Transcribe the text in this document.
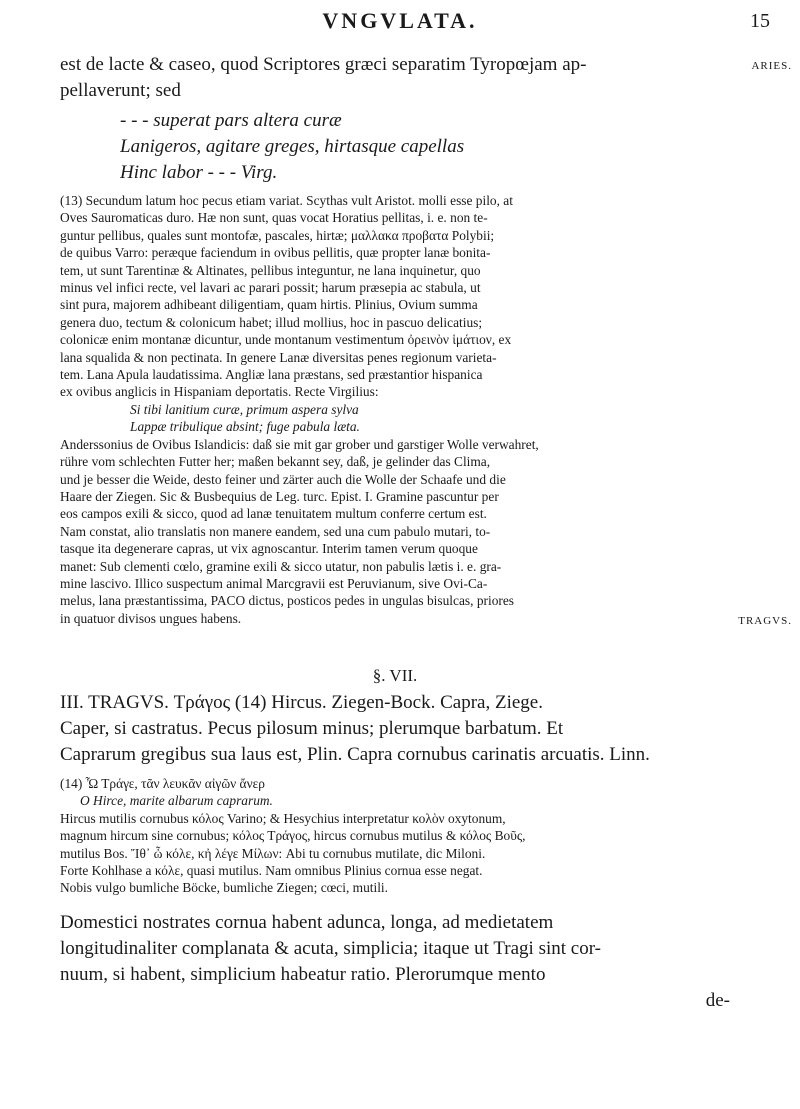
VNGVLATA.	15
ARIES.
TRAGVS.
est de lacte & caseo, quod Scriptores græci separatim Tyropœjam ap-
pellaverunt; sed
- - - superat pars altera curæ
Lanigeros, agitare greges, hirtasque capellas
Hinc labor - - - Virg.
(13) Secundum latum hoc pecus etiam variat. Scythas vult Aristot. molli esse pilo, at
Oves Sauromaticas duro. Hæ non sunt, quas vocat Horatius pellitas, i. e. non te-
guntur pellibus, quales sunt montofæ, pascales, hirtæ; μαλλακα προβατα Polybii;
de quibus Varro: peræque faciendum in ovibus pellitis, quæ propter lanæ bonita-
tem, ut sunt Tarentinæ & Altinates, pellibus integuntur, ne lana inquinetur, quo
minus vel infici recte, vel lavari ac parari possit; harum præsepia ac stabula, ut
sint pura, majorem adhibeant diligentiam, quam hirtis. Plinius, Ovium summa
genera duo, tectum & colonicum habet; illud mollius, hoc in pascuo delicatius;
colonicæ enim montanæ dicuntur, unde montanum vestimentum ὀρεινὸν ἱμάτιον, ex
lana squalida & non pectinata. In genere Lanæ diversitas penes regionum varieta-
tem. Lana Apula laudatissima. Angliæ lana præstans, sed præstantior hispanica
ex ovibus anglicis in Hispaniam deportatis. Recte Virgilius:
Si tibi lanitium curæ, primum aspera sylva
Lappæ tribulique absint; fuge pabula læta.
Anderssonius de Ovibus Islandicis: daß sie mit gar grober und garstiger Wolle verwahret,
rühre vom schlechten Futter her; maßen bekannt sey, daß, je gelinder das Clima,
und je besser die Weide, desto feiner und zärter auch die Wolle der Schaafe und die
Haare der Ziegen. Sic & Busbequius de Leg. turc. Epist. I. Gramine pascuntur per
eos campos exili & sicco, quod ad lanæ tenuitatem multum conferre certum est.
Nam constat, alio translatis non manere eandem, sed una cum pabulo mutari, to-
tasque ita degenerare capras, ut vix agnoscantur. Interim tamen verum quoque
manet: Sub clementi cœlo, gramine exili & sicco utatur, non pabulis lætis i. e. gra-
mine lascivo. Illico suspectum animal Marcgravii est Peruvianum, sive Ovi-Ca-
melus, lana præstantissima, PACO dictus, posticos pedes in ungulas bisulcas, priores
in quatuor divisos ungues habens.
§. VII.
III. TRAGVS. Τράγος (14) Hircus. Ziegen-Bock. Capra, Ziege.
Caper, si castratus. Pecus pilosum minus; plerumque barbatum. Et
Caprarum gregibus sua laus est, Plin. Capra cornubus carinatis arcuatis. Linn.
(14) Ὦ Τράγε, τᾶν λευκᾶν αἰγῶν ἄνερ
O Hirce, marite albarum caprarum.
Hircus mutilis cornubus κόλος Varino; & Hesychius interpretatur κολὸν oxytonum,
magnum hircum sine cornubus; κόλος Τράγος, hircus cornubus mutilus & κόλος Βοῦς,
mutilus Bos. Ἴθ᾽ ὦ κόλε, κἠ λέγε Μίλων: Abi tu cornubus mutilate, dic Miloni.
Forte Kohlhase a κόλε, quasi mutilus. Nam omnibus Plinius cornua esse negat.
Nobis vulgo bumliche Böcke, bumliche Ziegen; cœci, mutili.
Domestici nostrates cornua habent adunca, longa, ad medietatem
longitudinaliter complanata & acuta, simplicia; itaque ut Tragi sint cor-
nuum, si habent, simplicium habeatur ratio. Plerorumque mento
de-
